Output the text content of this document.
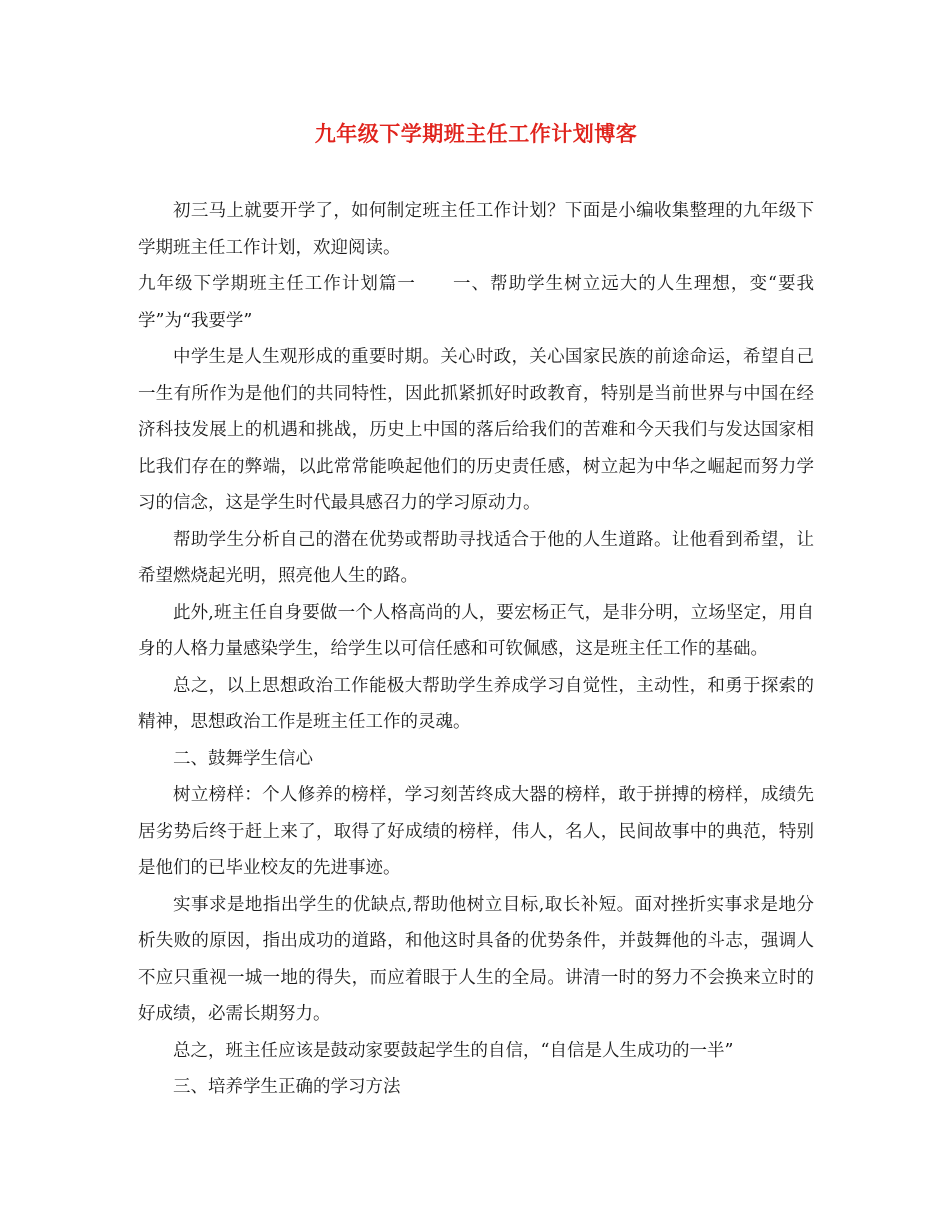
九年级下学期班主任工作计划博客

初三马上就要开学了，如何制定班主任工作计划？下面是小编收集整理的九年级下学期班主任工作计划，欢迎阅读。

九年级下学期班主任工作计划篇一　　一、帮助学生树立远大的人生理想，变“要我学”为“我要学”

中学生是人生观形成的重要时期。关心时政，关心国家民族的前途命运，希望自己一生有所作为是他们的共同特性，因此抓紧抓好时政教育，特别是当前世界与中国在经济科技发展上的机遇和挑战，历史上中国的落后给我们的苦难和今天我们与发达国家相比我们存在的弊端，以此常常能唤起他们的历史责任感，树立起为中华之崛起而努力学习的信念，这是学生时代最具感召力的学习原动力。

帮助学生分析自己的潜在优势或帮助寻找适合于他的人生道路。让他看到希望，让希望燃烧起光明，照亮他人生的路。

此外,班主任自身要做一个人格高尚的人，要宏杨正气，是非分明，立场坚定，用自身的人格力量感染学生，给学生以可信任感和可钦佩感，这是班主任工作的基础。

总之，以上思想政治工作能极大帮助学生养成学习自觉性，主动性，和勇于探索的精神，思想政治工作是班主任工作的灵魂。

二、鼓舞学生信心

树立榜样：个人修养的榜样，学习刻苦终成大器的榜样，敢于拼搏的榜样，成绩先居劣势后终于赶上来了，取得了好成绩的榜样，伟人，名人，民间故事中的典范，特别是他们的已毕业校友的先进事迹。

实事求是地指出学生的优缺点,帮助他树立目标,取长补短。面对挫折实事求是地分析失败的原因，指出成功的道路，和他这时具备的优势条件，并鼓舞他的斗志，强调人不应只重视一城一地的得失，而应着眼于人生的全局。讲清一时的努力不会换来立时的好成绩，必需长期努力。

总之，班主任应该是鼓动家要鼓起学生的自信，“自信是人生成功的一半”

三、培养学生正确的学习方法
